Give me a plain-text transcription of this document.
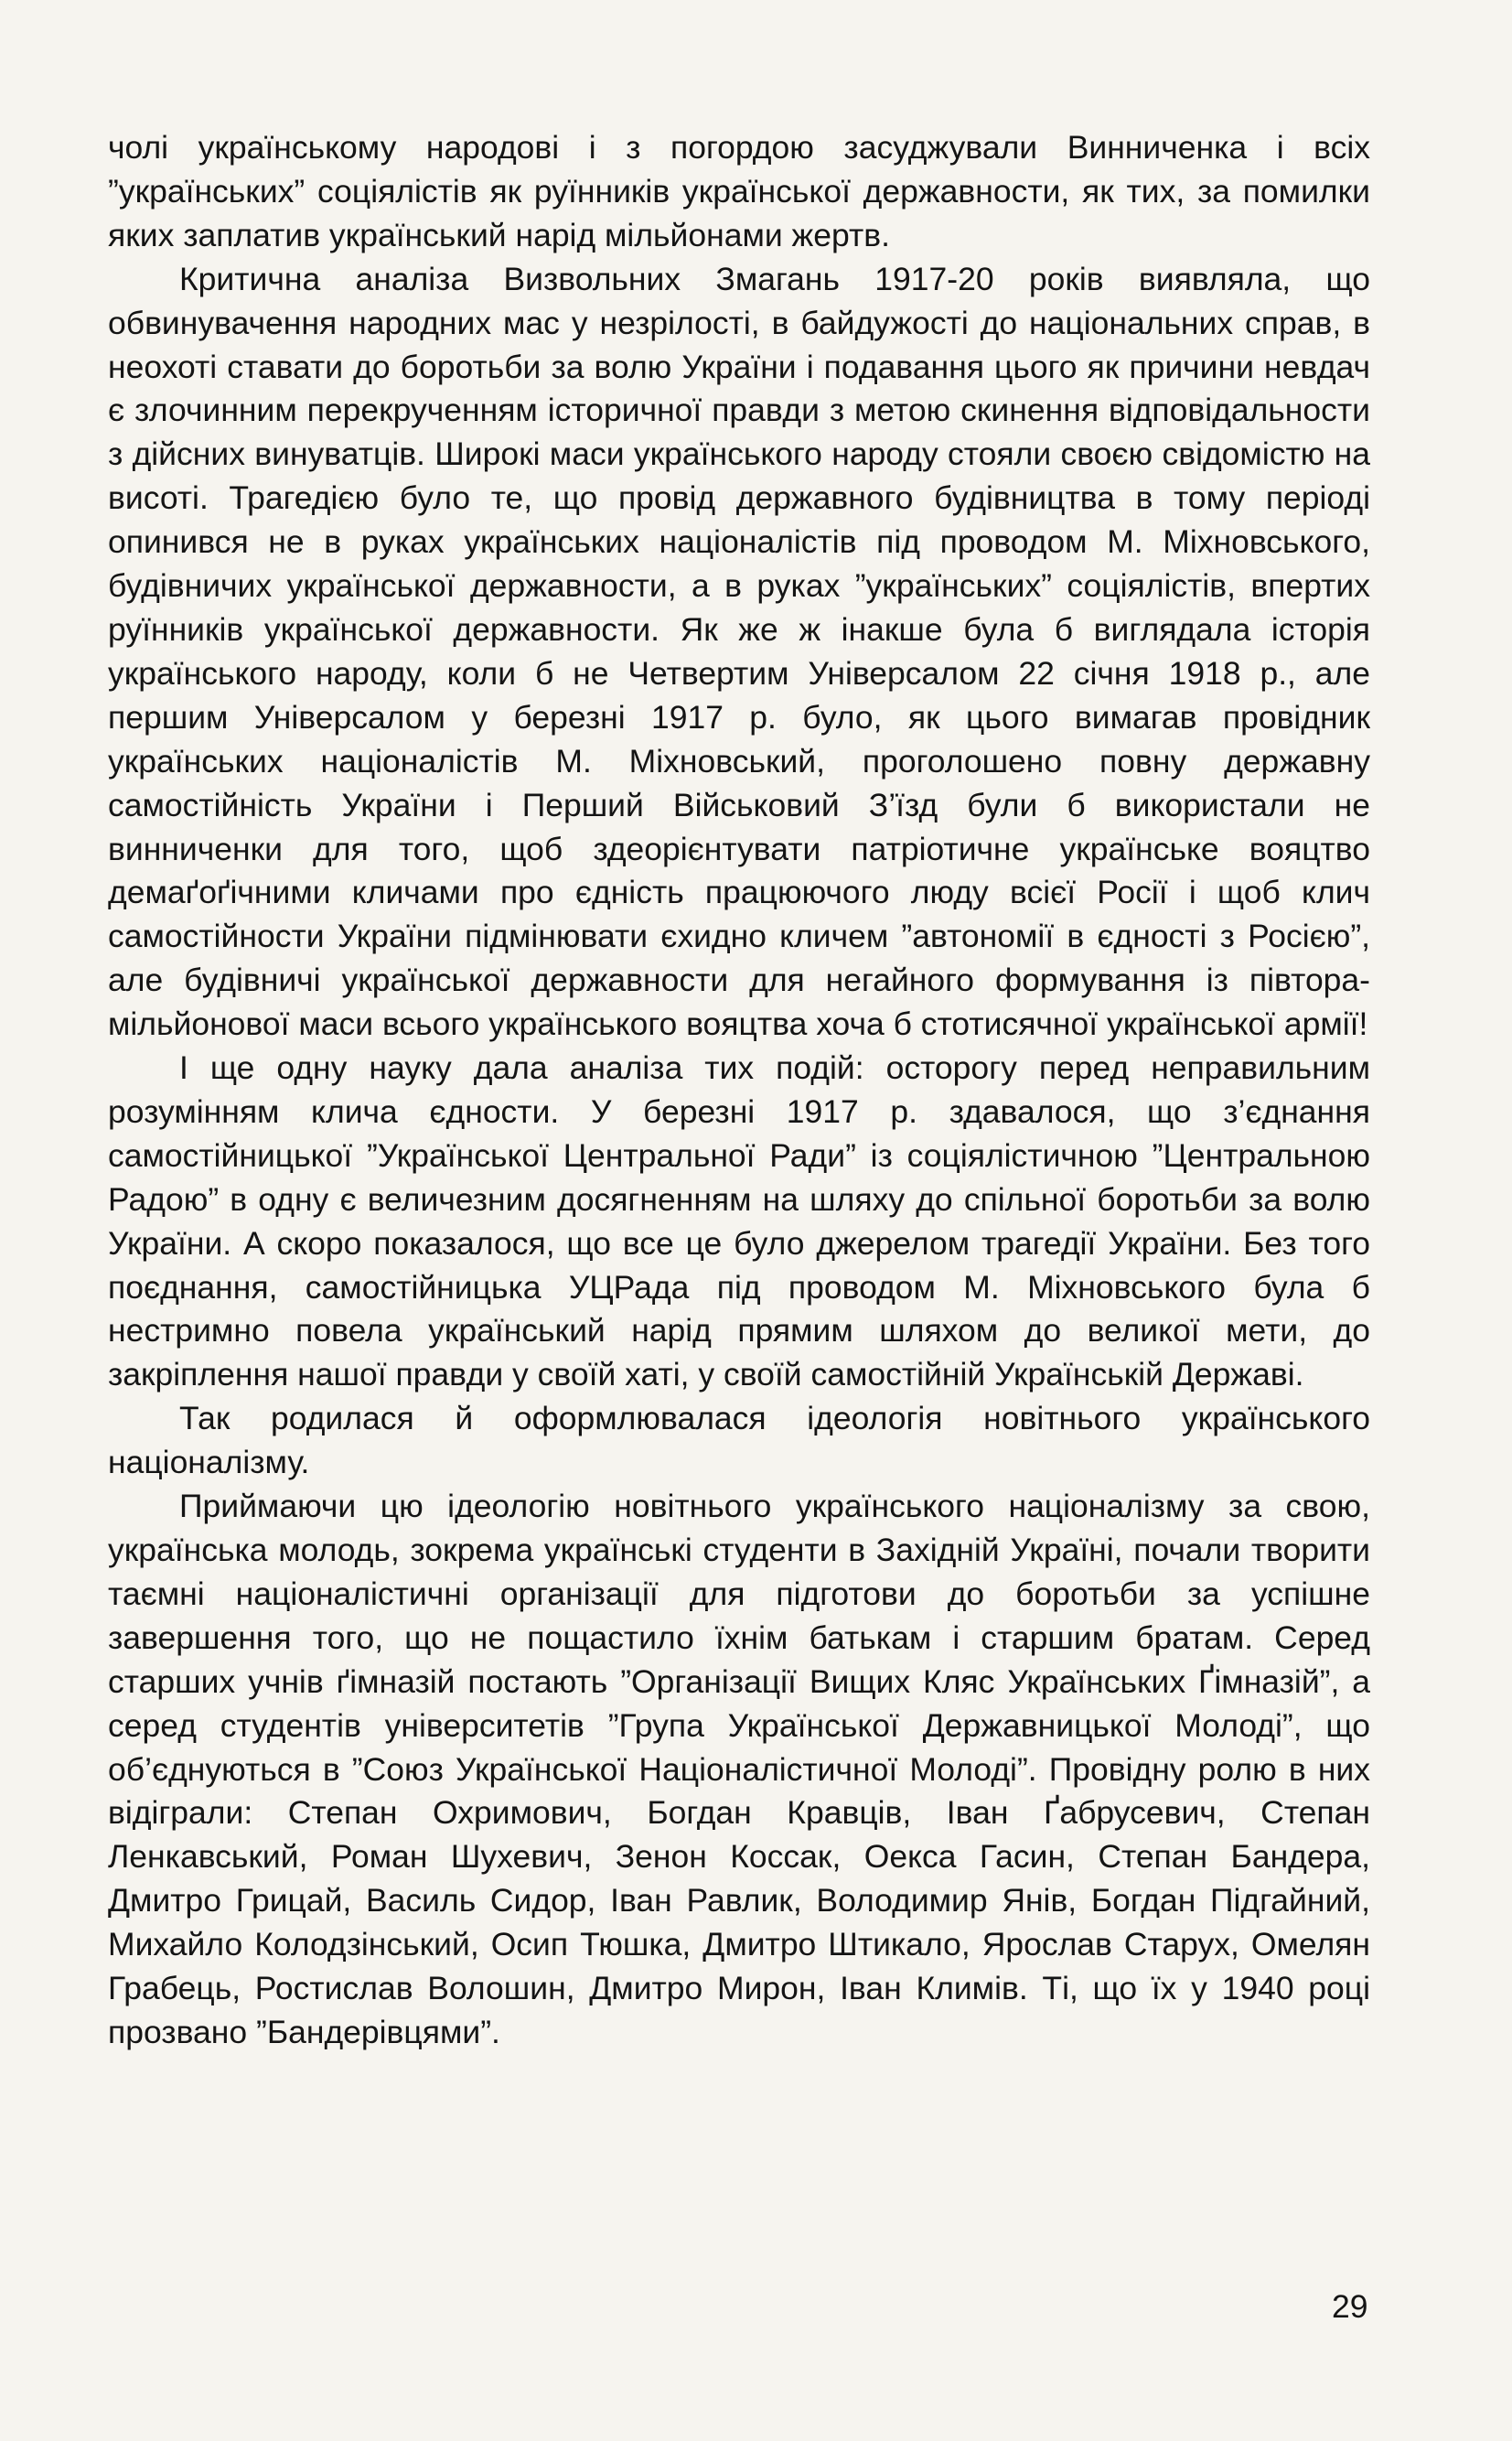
чолі українському народові і з погордою засуджували Винниченка і всіх ”українських” соціялістів як руїнників української державности, як тих, за помилки яких заплатив український нарід мільйонами жертв.

Критична аналіза Визвольних Змагань 1917-20 років виявляла, що обвинувачення народних мас у незрілості, в байдужості до національних справ, в неохоті ставати до боротьби за волю України і подавання цього як причини невдач є злочинним перекрученням історичної правди з метою скинення відповідальности з дійсних винуватців. Широкі маси українського народу стояли своєю свідомістю на висоті. Трагедією було те, що провід державного будівництва в тому періоді опинився не в руках українських націоналістів під проводом М. Міхновського, будівничих української державности, а в руках ”українських” соціялістів, впертих руїнників української державности. Як же ж інакше була б виглядала історія українського народу, коли б не Четвертим Універсалом 22 січня 1918 р., але першим Універсалом у березні 1917 р. було, як цього вимагав провідник українських націоналістів М. Міхновський, проголошено повну державну самостійність України і Перший Військовий З’їзд були б використали не винниченки для того, щоб здеорієнтувати патріотичне українське вояцтво демаґоґічними кличами про єдність працюючого люду всієї Росії і щоб клич самостійности України підмінювати єхидно кличем ”автономії в єдності з Росією”, але будівничі української державности для негайного формування із півтора-мільйонової маси всього українського вояцтва хоча б стотисячної української армії!

І ще одну науку дала аналіза тих подій: осторогу перед неправильним розумінням клича єдности. У березні 1917 р. здавалося, що з’єднання самостійницької ”Української Центральної Ради” із соціялістичною ”Центральною Радою” в одну є величезним досягненням на шляху до спільної боротьби за волю України. А скоро показалося, що все це було джерелом трагедії України. Без того поєднання, самостійницька УЦРада під проводом М. Міхновського була б нестримно повела український нарід прямим шляхом до великої мети, до закріплення нашої правди у своїй хаті, у своїй самостійній Українській Державі.

Так родилася й оформлювалася ідеологія новітнього українського націоналізму.

Приймаючи цю ідеологію новітнього українського націоналізму за свою, українська молодь, зокрема українські студенти в Західній Україні, почали творити таємні націоналістичні організації для підготови до боротьби за успішне завершення того, що не пощастило їхнім батькам і старшим братам. Серед старших учнів ґімназій постають ”Організації Вищих Кляс Українських Ґімназій”, а серед студентів університетів ”Група Української Державницької Молоді”, що об’єднуються в ”Союз Української Націоналістичної Молоді”. Провідну ролю в них відіграли: Степан Охримович, Богдан Кравців, Іван Ґабрусевич, Степан Ленкавський, Роман Шухевич, Зенон Коссак, Оекса Гасин, Степан Бандера, Дмитро Грицай, Василь Сидор, Іван Равлик, Володимир Янів, Богдан Підгайний, Михайло Колодзінський, Осип Тюшка, Дмитро Штикало, Ярослав Старух, Омелян Грабець, Ростислав Волошин, Дмитро Мирон, Іван Климів. Ті, що їх у 1940 році прозвано ”Бандерівцями”.

29
